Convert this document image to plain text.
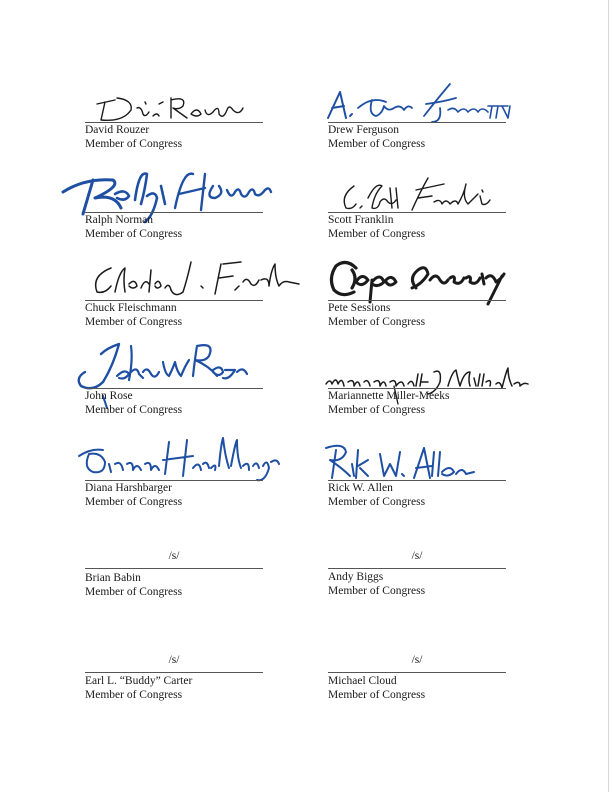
David Rouzer
Member of Congress
Drew Ferguson
Member of Congress
Ralph Norman
Member of Congress
Scott Franklin
Member of Congress
Chuck Fleischmann
Member of Congress
Pete Sessions
Member of Congress
John Rose
Member of Congress
Mariannette Miller-Meeks
Member of Congress
Diana Harshbarger
Member of Congress
Rick W. Allen
Member of Congress
/s/
Brian Babin
Member of Congress
/s/
Andy Biggs
Member of Congress
/s/
Earl L. “Buddy” Carter
Member of Congress
/s/
Michael Cloud
Member of Congress
